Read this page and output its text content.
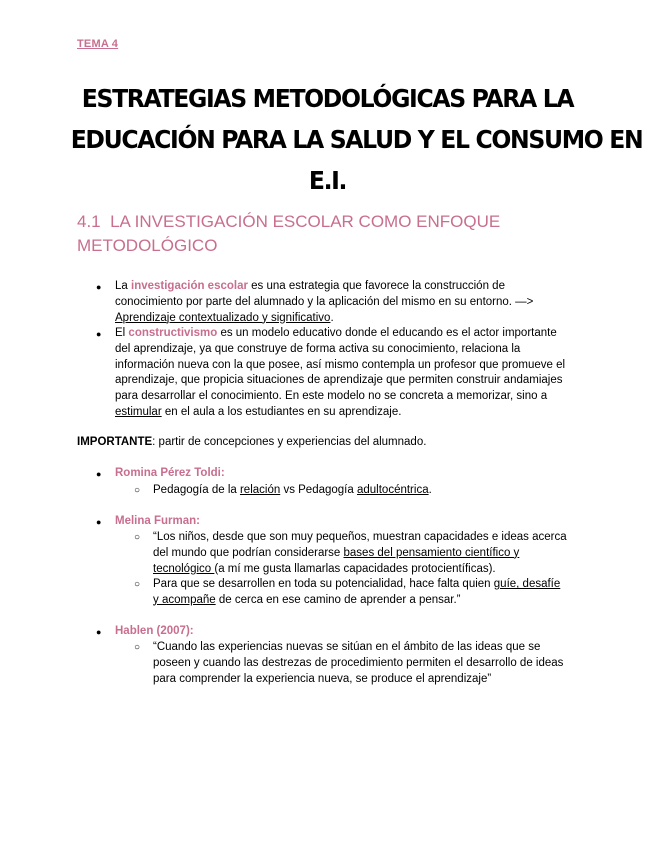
TEMA 4
ESTRATEGIAS METODOLÓGICAS PARA LA
EDUCACIÓN PARA LA SALUD Y EL CONSUMO EN
E.I.
4.1 LA INVESTIGACIÓN ESCOLAR COMO ENFOQUE
METODOLÓGICO
● La investigación escolar es una estrategia que favorece la construcción de
conocimiento por parte del alumnado y la aplicación del mismo en su entorno. —>
Aprendizaje contextualizado y significativo.
● El constructivismo es un modelo educativo donde el educando es el actor importante
del aprendizaje, ya que construye de forma activa su conocimiento, relaciona la
información nueva con la que posee, así mismo contempla un profesor que promueve el
aprendizaje, que propicia situaciones de aprendizaje que permiten construir andamiajes
para desarrollar el conocimiento. En este modelo no se concreta a memorizar, sino a
estimular en el aula a los estudiantes en su aprendizaje.
IMPORTANTE: partir de concepciones y experiencias del alumnado.
● Romina Pérez Toldi:
○ Pedagogía de la relación vs Pedagogía adultocéntrica.
● Melina Furman:
○ “Los niños, desde que son muy pequeños, muestran capacidades e ideas acerca
del mundo que podrían considerarse bases del pensamiento científico y
tecnológico (a mí me gusta llamarlas capacidades protocientíficas).
○ Para que se desarrollen en toda su potencialidad, hace falta quien guíe, desafíe
y acompañe de cerca en ese camino de aprender a pensar.”
● Hablen (2007):
○ “Cuando las experiencias nuevas se sitúan en el ámbito de las ideas que se
poseen y cuando las destrezas de procedimiento permiten el desarrollo de ideas
para comprender la experiencia nueva, se produce el aprendizaje”
